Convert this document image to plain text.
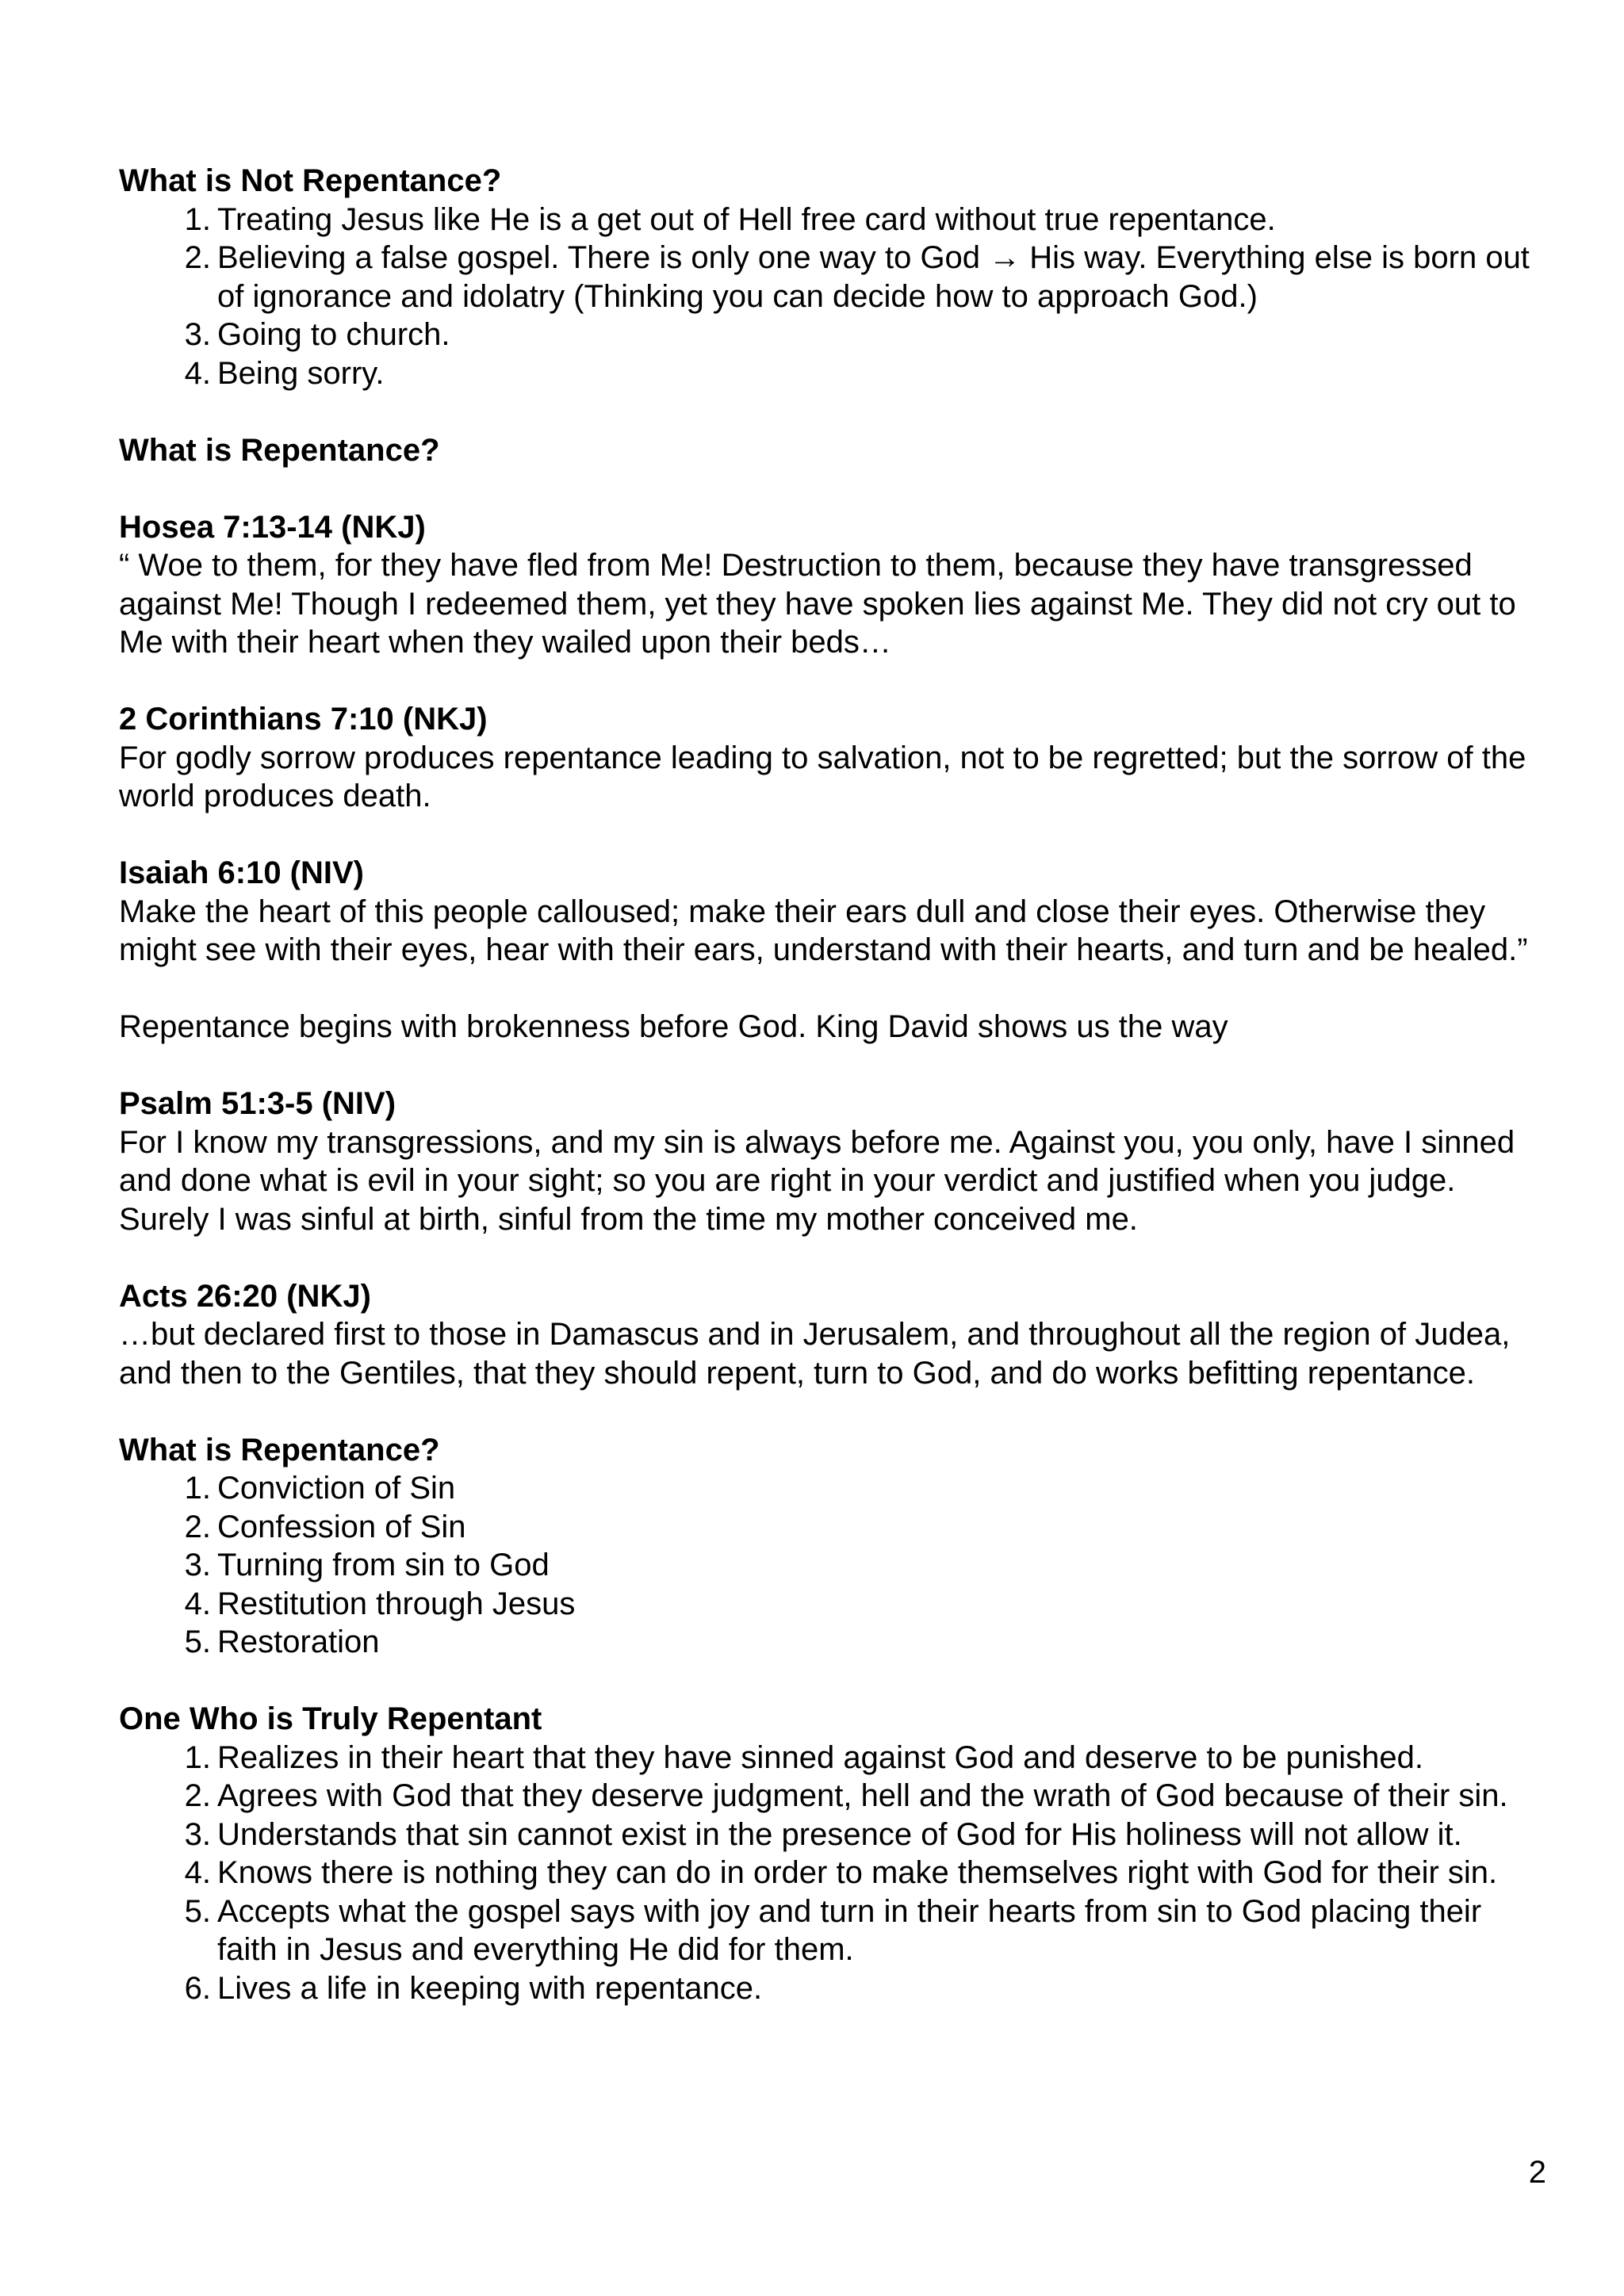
What is Not Repentance?

1 . Treating Jesus like He is a get out of Hell free card without true repentance.
2 . Believing a false gospel. There is only one way to God → His way. Everything else is born out of ignorance and idolatry (Thinking you can decide how to approach God.)
3 . Going to church.
4 . Being sorry.

What is Repentance?

Hosea 7:13-14 (NKJ)

“ Woe to them, for they have fled from Me! Destruction to them, because they have transgressed against Me! Though I redeemed them, yet they have spoken lies against Me. They did not cry out to Me with their heart when they wailed upon their beds…

2 Corinthians 7:10 (NKJ)

For godly sorrow produces repentance leading to salvation, not to be regretted; but the sorrow of the world produces death.

Isaiah 6:10 (NIV)

Make the heart of this people calloused; make their ears dull and close their eyes. Otherwise they might see with their eyes, hear with their ears, understand with their hearts, and turn and be healed.”

Repentance begins with brokenness before God. King David shows us the way

Psalm 51:3-5 (NIV)

For I know my transgressions, and my sin is always before me. Against you, you only, have I sinned and done what is evil in your sight; so you are right in your verdict and justified when you judge. Surely I was sinful at birth, sinful from the time my mother conceived me.

Acts 26:20 (NKJ)

…but declared first to those in Damascus and in Jerusalem, and throughout all the region of Judea, and then to the Gentiles, that they should repent, turn to God, and do works befitting repentance.

What is Repentance?

1 . Conviction of Sin
2 . Confession of Sin
3 . Turning from sin to God
4 . Restitution through Jesus
5 . Restoration

One Who is Truly Repentant

1 . Realizes in their heart that they have sinned against God and deserve to be punished.
2 . Agrees with God that they deserve judgment, hell and the wrath of God because of their sin.
3 . Understands that sin cannot exist in the presence of God for His holiness will not allow it.
4 . Knows there is nothing they can do in order to make themselves right with God for their sin.
5 . Accepts what the gospel says with joy and turn in their hearts from sin to God placing their faith in Jesus and everything He did for them.
6 . Lives a life in keeping with repentance.
2
